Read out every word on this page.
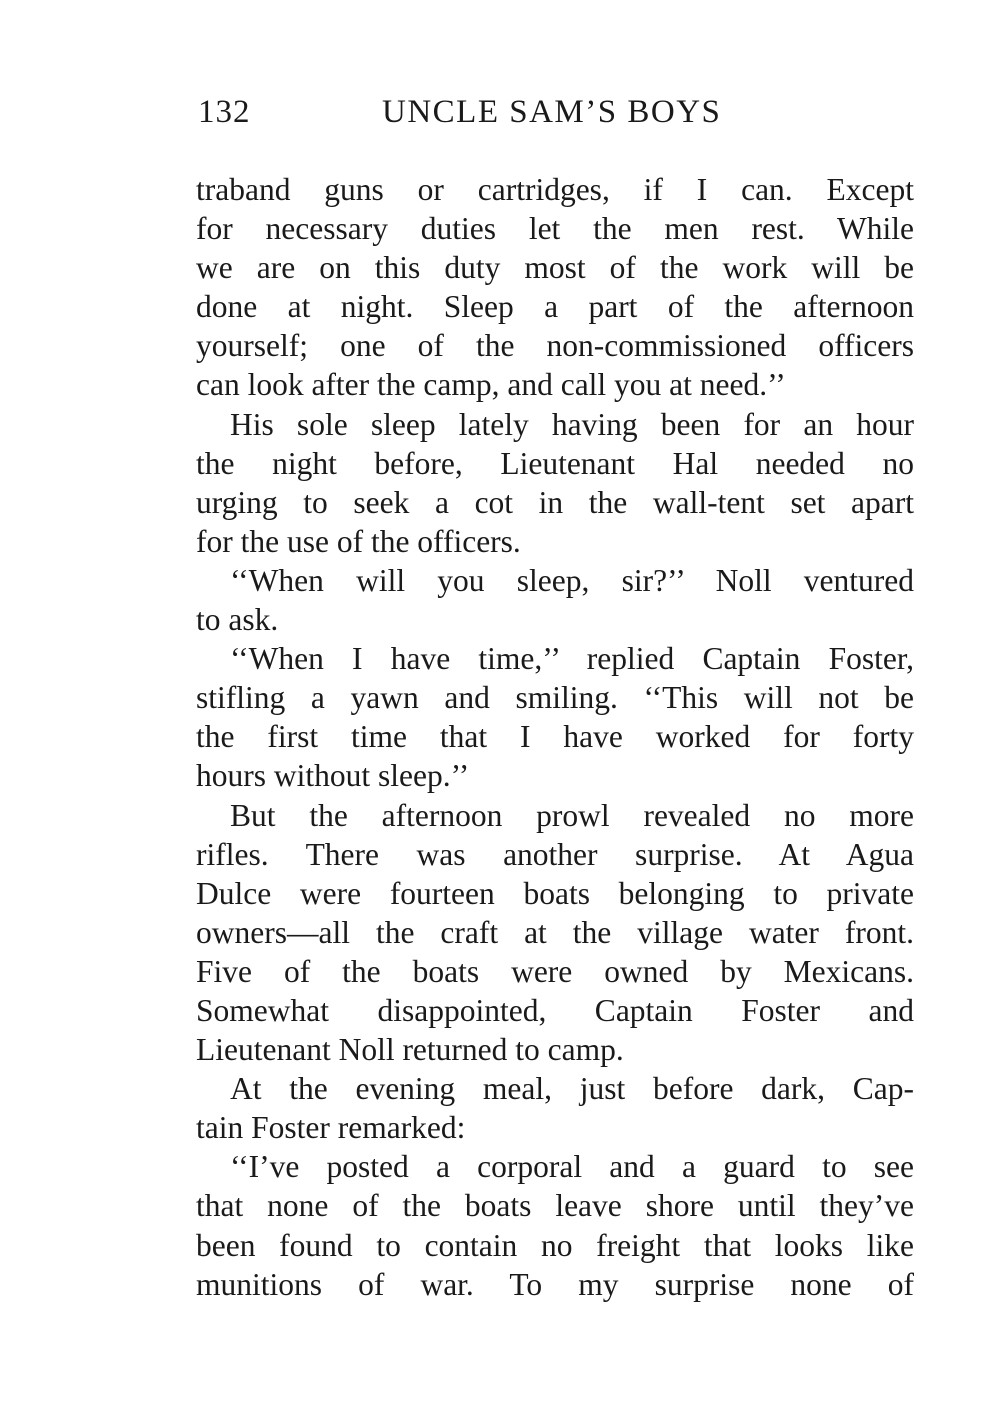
132	UNCLE SAM’S BOYS
traband guns or cartridges, if I can. Except
for necessary duties let the men rest. While
we are on this duty most of the work will be
done at night. Sleep a part of the afternoon
yourself; one of the non-commissioned officers
can look after the camp, and call you at need.’’
His sole sleep lately having been for an hour
the night before, Lieutenant Hal needed no
urging to seek a cot in the wall-tent set apart
for the use of the officers.
‘‘When will you sleep, sir?’’ Noll ventured
to ask.
‘‘When I have time,’’ replied Captain Foster,
stifling a yawn and smiling. ‘‘This will not be
the first time that I have worked for forty
hours without sleep.’’
But the afternoon prowl revealed no more
rifles. There was another surprise. At Agua
Dulce were fourteen boats belonging to private
owners—all the craft at the village water front.
Five of the boats were owned by Mexicans.
Somewhat disappointed, Captain Foster and
Lieutenant Noll returned to camp.
At the evening meal, just before dark, Cap-
tain Foster remarked:
‘‘I’ve posted a corporal and a guard to see
that none of the boats leave shore until they’ve
been found to contain no freight that looks like
munitions of war. To my surprise none of
